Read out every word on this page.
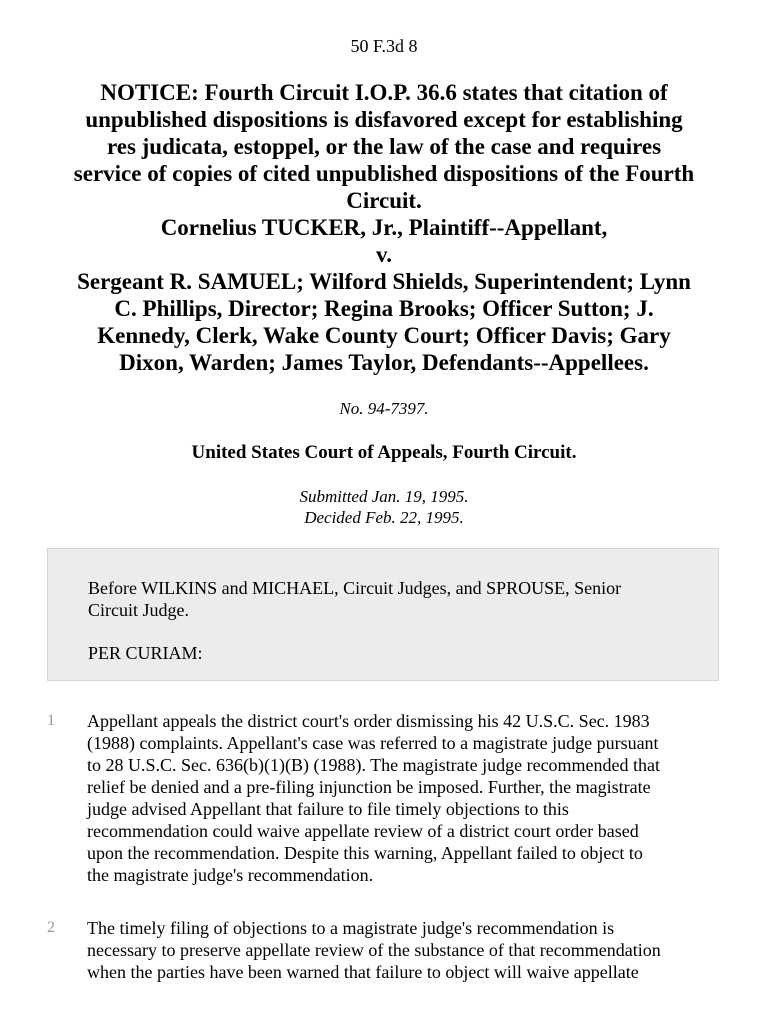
50 F.3d 8
NOTICE: Fourth Circuit I.O.P. 36.6 states that citation of
unpublished dispositions is disfavored except for establishing
res judicata, estoppel, or the law of the case and requires
service of copies of cited unpublished dispositions of the Fourth
Circuit.
Cornelius TUCKER, Jr., Plaintiff--Appellant,
v.
Sergeant R. SAMUEL; Wilford Shields, Superintendent; Lynn
C. Phillips, Director; Regina Brooks; Officer Sutton; J.
Kennedy, Clerk, Wake County Court; Officer Davis; Gary
Dixon, Warden; James Taylor, Defendants--Appellees.
No. 94-7397.
United States Court of Appeals, Fourth Circuit.
Submitted Jan. 19, 1995.
Decided Feb. 22, 1995.

Before WILKINS and MICHAEL, Circuit Judges, and SPROUSE, Senior
Circuit Judge.

PER CURIAM:

1 Appellant appeals the district court's order dismissing his 42 U.S.C. Sec. 1983
(1988) complaints. Appellant's case was referred to a magistrate judge pursuant
to 28 U.S.C. Sec. 636(b)(1)(B) (1988). The magistrate judge recommended that
relief be denied and a pre-filing injunction be imposed. Further, the magistrate
judge advised Appellant that failure to file timely objections to this
recommendation could waive appellate review of a district court order based
upon the recommendation. Despite this warning, Appellant failed to object to
the magistrate judge's recommendation.
2 The timely filing of objections to a magistrate judge's recommendation is
necessary to preserve appellate review of the substance of that recommendation
when the parties have been warned that failure to object will waive appellate
